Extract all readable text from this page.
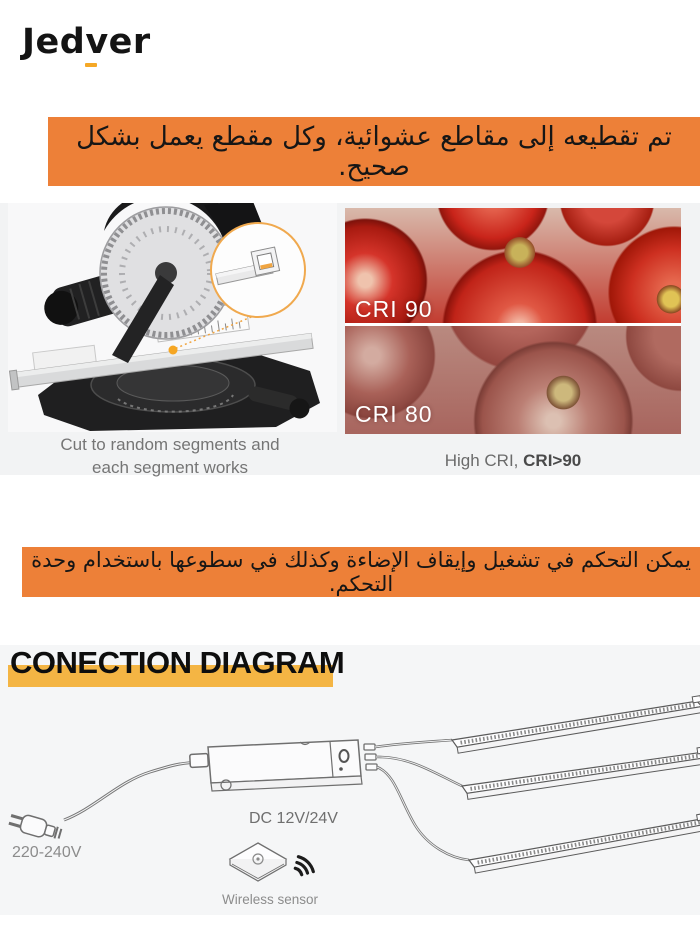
Jedver
تم تقطيعه إلى مقاطع عشوائية، وكل مقطع يعمل بشكل صحيح.
CRI 90
CRI 80
Cut to random segments and
each segment works	High CRI, CRI>90
يمكن التحكم في تشغيل وإيقاف الإضاءة وكذلك في سطوعها باستخدام وحدة التحكم.
CONECTION DIAGRAM
220-240V
DC 12V/24V
Wireless sensor
